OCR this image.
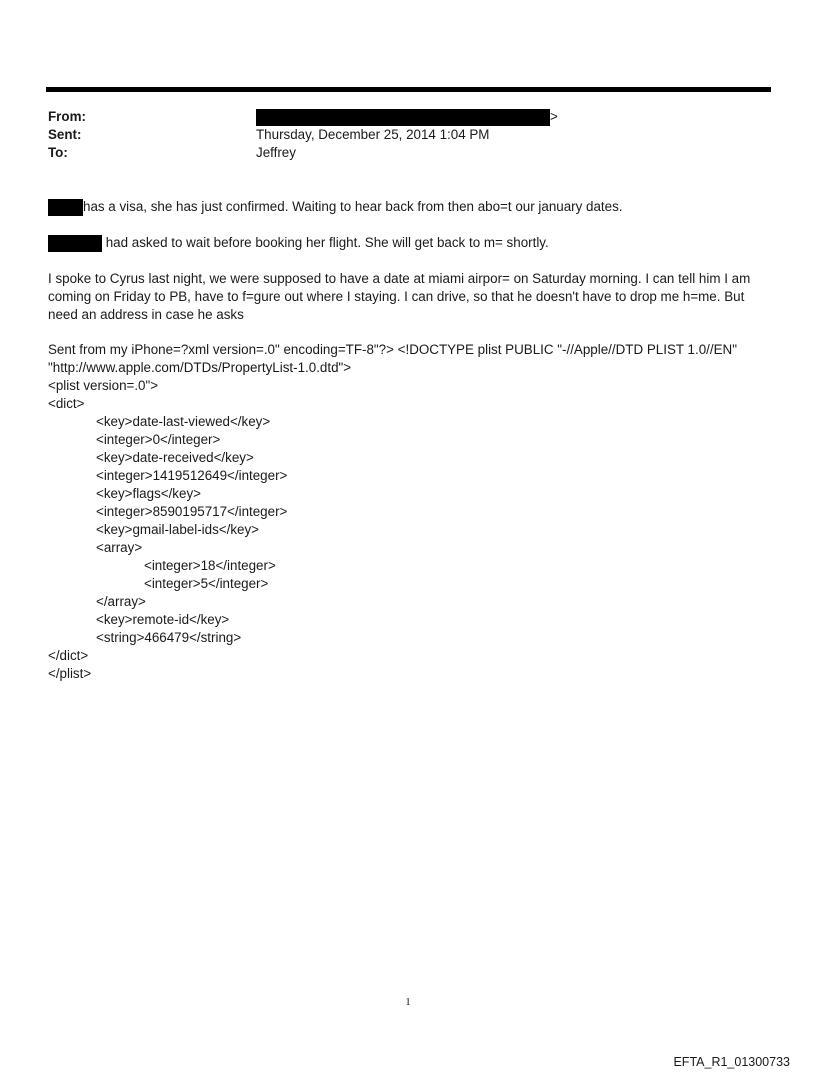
From:	>
Sent:	Thursday, December 25, 2014 1:04 PM
To:	Jeffrey
has a visa, she has just confirmed. Waiting to hear back from then abo=t our january dates.
had asked to wait before booking her flight. She will get back to m= shortly.
I spoke to Cyrus last night, we were supposed to have a date at miami airpor= on Saturday morning. I can tell him I am
coming on Friday to PB, have to f=gure out where I staying. I can drive, so that he doesn't have to drop me h=me. But
need an address in case he asks
Sent from my iPhone=?xml version=.0" encoding=TF-8"?> <!DOCTYPE plist PUBLIC "-//Apple//DTD PLIST 1.0//EN"
"http://www.apple.com/DTDs/PropertyList-1.0.dtd">
<plist version=.0">
<dict>
<key>date-last-viewed</key>
<integer>0</integer>
<key>date-received</key>
<integer>1419512649</integer>
<key>flags</key>
<integer>8590195717</integer>
<key>gmail-label-ids</key>
<array>
<integer>18</integer>
<integer>5</integer>
</array>
<key>remote-id</key>
<string>466479</string>
</dict>
</plist>
1
EFTA_R1_01300733
